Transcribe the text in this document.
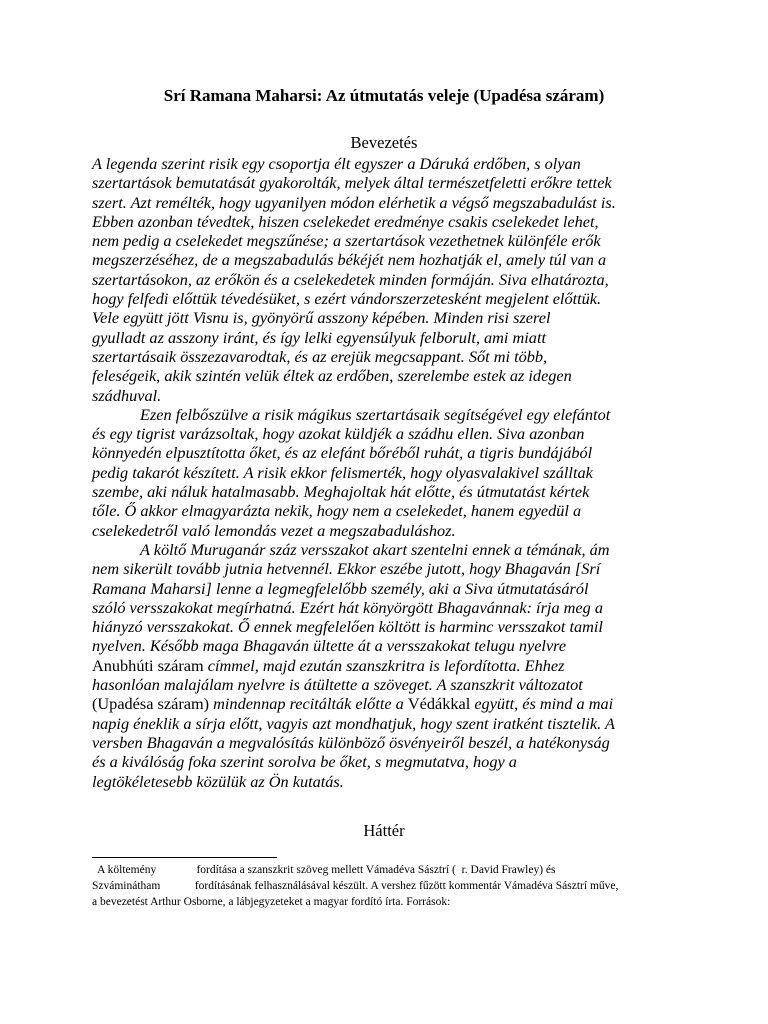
Srí Ramana Maharsi: Az útmutatás veleje (Upadésa száram)
Bevezetés
A legenda szerint risik egy csoportja élt egyszer a Dáruká erdőben, s olyan
szertartások bemutatását gyakorolták, melyek által természetfeletti erőkre tettek
szert. Azt remélték, hogy ugyanilyen módon elérhetik a végső megszabadulást is.
Ebben azonban tévedtek, hiszen cselekedet eredménye csakis cselekedet lehet,
nem pedig a cselekedet megszűnése; a szertartások vezethetnek különféle erők
megszerzéséhez, de a megszabadulás békéjét nem hozhatják el, amely túl van a
szertartásokon, az erőkön és a cselekedetek minden formáján. Siva elhatározta,
hogy felfedi előttük tévedésüket, s ezért vándorszerzetesként megjelent előttük.
Vele együtt jött Visnu is, gyönyörű asszony képében. Minden risi szerel
gyulladt az asszony iránt, és így lelki egyensúlyuk felborult, ami miatt
szertartásaik összezavarodtak, és az erejük megcsappant. Sőt mi több,
feleségeik, akik szintén velük éltek az erdőben, szerelembe estek az idegen
szádhuval.
Ezen felbőszülve a risik mágikus szertartásaik segítségével egy elefántot
és egy tigrist varázsoltak, hogy azokat küldjék a szádhu ellen. Siva azonban
könnyedén elpusztította őket, és az elefánt bőréből ruhát, a tigris bundájából
pedig takarót készített. A risik ekkor felismerték, hogy olyasvalakivel szálltak
szembe, aki náluk hatalmasabb. Meghajoltak hát előtte, és útmutatást kértek
tőle. Ő akkor elmagyarázta nekik, hogy nem a cselekedet, hanem egyedül a
cselekedetről való lemondás vezet a megszabaduláshoz.
A költő Muruganár száz versszakot akart szentelni ennek a témának, ám
nem sikerült tovább jutnia hetvennél. Ekkor eszébe jutott, hogy Bhagaván [Srí
Ramana Maharsi] lenne a legmegfelelőbb személy, aki a Siva útmutatásáról
szóló versszakokat megírhatná. Ezért hát könyörgött Bhagavánnak: írja meg a
hiányzó versszakokat. Ő ennek megfelelően költött is harminc versszakot tamil
nyelven. Később maga Bhagaván ültette át a versszakokat telugu nyelvre
Anubhúti száram címmel, majd ezután szanszkritra is lefordította. Ehhez
hasonlóan malajálam nyelvre is átültette a szöveget. A szanszkrit változatot
(Upadésa száram) mindennap recitálták előtte a Védákkal együtt, és mind a mai
napig éneklik a sírja előtt, vagyis azt mondhatjuk, hogy szent iratként tisztelik. A
versben Bhagaván a megvalósítás különböző ösvényeiről beszél, a hatékonyság
és a kiválóság foka szerint sorolva be őket, s megmutatva, hogy a
legtökéletesebb közülük az Ön kutatás.
Háttér
A költemény              fordítása a szanszkrit szöveg mellett Vámadéva Sásztrí (  r. David Frawley) és
Szváminátham            fordításának felhasználásával készült. A vershez fűzött kommentár Vámadéva Sásztrí műve,
a bevezetést Arthur Osborne, a lábjegyzeteket a magyar fordító írta. Források:
